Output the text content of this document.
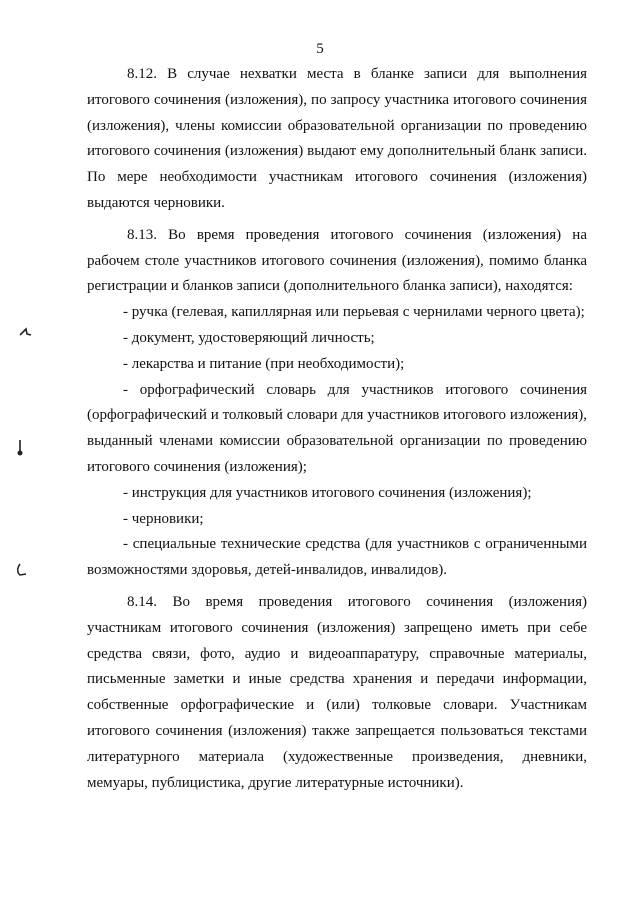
5

8.12. В случае нехватки места в бланке записи для выполнения итогового сочинения (изложения), по запросу участника итогового сочинения (изложения), члены комиссии образовательной организации по проведению итогового сочинения (изложения) выдают ему дополнительный бланк записи. По мере необходимости участникам итогового сочинения (изложения) выдаются черновики.

8.13. Во время проведения итогового сочинения (изложения) на рабочем столе участников итогового сочинения (изложения), помимо бланка регистрации и бланков записи (дополнительного бланка записи), находятся:

- ручка (гелевая, капиллярная или перьевая с чернилами черного цвета);

- документ, удостоверяющий личность;

- лекарства и питание (при необходимости);

- орфографический словарь для участников итогового сочинения (орфографический и толковый словари для участников итогового изложения), выданный членами комиссии образовательной организации по проведению итогового сочинения (изложения);

- инструкция для участников итогового сочинения (изложения);

- черновики;

- специальные технические средства (для участников с ограниченными возможностями здоровья, детей-инвалидов, инвалидов).

8.14. Во время проведения итогового сочинения (изложения) участникам итогового сочинения (изложения) запрещено иметь при себе средства связи, фото, аудио и видеоаппаратуру, справочные материалы, письменные заметки и иные средства хранения и передачи информации, собственные орфографические и (или) толковые словари. Участникам итогового сочинения (изложения) также запрещается пользоваться текстами литературного материала (художественные произведения, дневники, мемуары, публицистика, другие литературные источники).
